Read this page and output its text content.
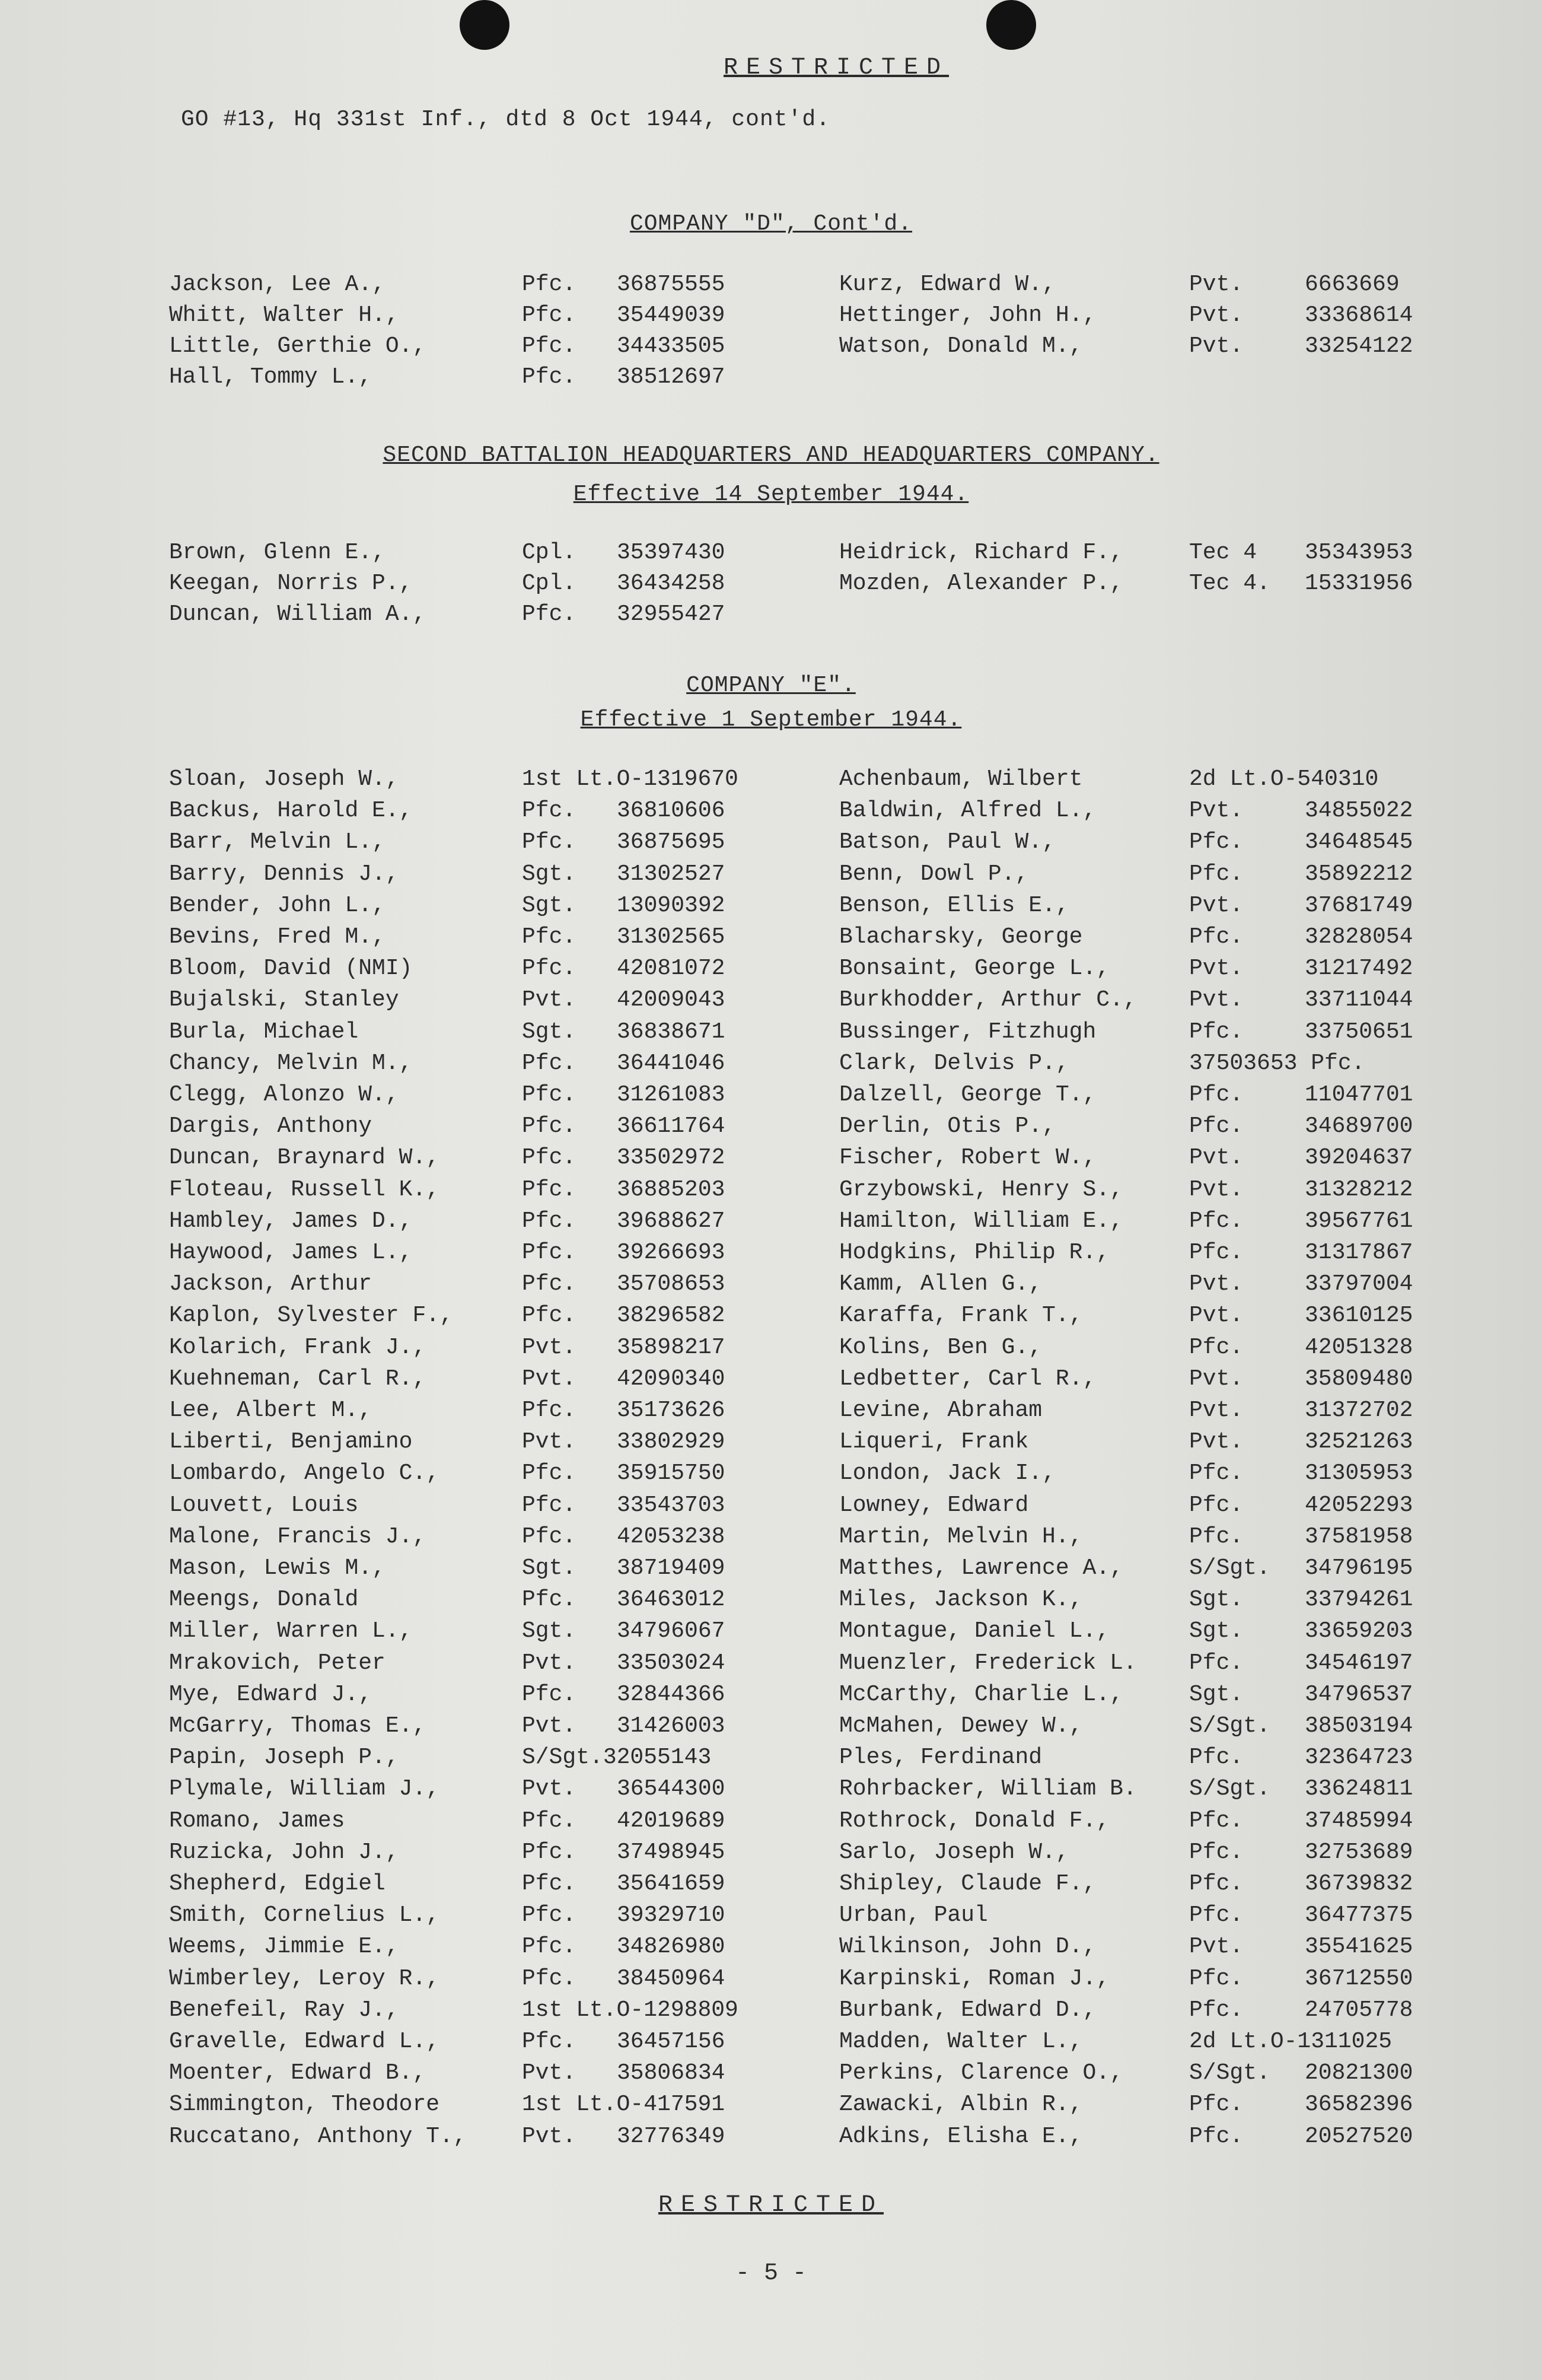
RESTRICTED
GO #13, Hq 331st Inf., dtd 8 Oct 1944, cont'd.
COMPANY "D", Cont'd.
Jackson, Lee A.,	Pfc. 36875555	Kurz, Edward W.,	Pvt.	6663669
Whitt, Walter H.,	Pfc. 35449039	Hettinger, John H.,	Pvt.	33368614
Little, Gerthie O.,	Pfc. 34433505	Watson, Donald M.,	Pvt.	33254122
Hall, Tommy L.,	Pfc. 38512697
SECOND BATTALION HEADQUARTERS AND HEADQUARTERS COMPANY.
Effective 14 September 1944.
Brown, Glenn E.,	Cpl. 35397430	Heidrick, Richard F.,	Tec 4 35343953
Keegan, Norris P.,	Cpl. 36434258	Mozden, Alexander P.,	Tec 4. 15331956
Duncan, William A.,	Pfc. 32955427
COMPANY "E".
Effective 1 September 1944.
Sloan, Joseph W.,	1st Lt.O-1319670	Achenbaum, Wilbert	2d Lt.O-540310
Backus, Harold E.,	Pfc. 36810606	Baldwin, Alfred L.,	Pvt.	34855022
Barr, Melvin L.,	Pfc. 36875695	Batson, Paul W.,	Pfc.	34648545
Barry, Dennis J.,	Sgt. 31302527	Benn, Dowl P.,	Pfc.	35892212
Bender, John L.,	Sgt. 13090392	Benson, Ellis E.,	Pvt.	37681749
Bevins, Fred M.,	Pfc. 31302565	Blacharsky, George	Pfc.	32828054
Bloom, David (NMI)	Pfc. 42081072	Bonsaint, George L.,	Pvt.	31217492
Bujalski, Stanley	Pvt. 42009043	Burkhodder, Arthur C., Pvt.	33711044
Burla, Michael	Sgt. 36838671	Bussinger, Fitzhugh	Pfc.	33750651
Chancy, Melvin M.,	Pfc. 36441046	Clark, Delvis P.,	37503653 Pfc.
Clegg, Alonzo W.,	Pfc. 31261083	Dalzell, George T.,	Pfc.	11047701
Dargis, Anthony	Pfc. 36611764	Derlin, Otis P.,	Pfc.	34689700
Duncan, Braynard W.,	Pfc. 33502972	Fischer, Robert W.,	Pvt.	39204637
Floteau, Russell K.,	Pfc. 36885203	Grzybowski, Henry S.,	Pvt.	31328212
Hambley, James D.,	Pfc. 39688627	Hamilton, William E.,	Pfc.	39567761
Haywood, James L.,	Pfc. 39266693	Hodgkins, Philip R.,	Pfc.	31317867
Jackson, Arthur	Pfc. 35708653	Kamm, Allen G.,	Pvt.	33797004
Kaplon, Sylvester F.,	Pfc. 38296582	Karaffa, Frank T.,	Pvt.	33610125
Kolarich, Frank J.,	Pvt. 35898217	Kolins, Ben G.,	Pfc.	42051328
Kuehneman, Carl R.,	Pvt. 42090340	Ledbetter, Carl R.,	Pvt.	35809480
Lee, Albert M.,	Pfc. 35173626	Levine, Abraham	Pvt.	31372702
Liberti, Benjamino	Pvt. 33802929	Liqueri, Frank	Pvt.	32521263
Lombardo, Angelo C.,	Pfc. 35915750	London, Jack I.,	Pfc.	31305953
Louvett, Louis	Pfc. 33543703	Lowney, Edward	Pfc.	42052293
Malone, Francis J.,	Pfc. 42053238	Martin, Melvin H.,	Pfc.	37581958
Mason, Lewis M.,	Sgt. 38719409	Matthes, Lawrence A.,	S/Sgt. 34796195
Meengs, Donald	Pfc. 36463012	Miles, Jackson K.,	Sgt.	33794261
Miller, Warren L.,	Sgt. 34796067	Montague, Daniel L.,	Sgt.	33659203
Mrakovich, Peter	Pvt. 33503024	Muenzler, Frederick L. Pfc.	34546197
Mye, Edward J.,	Pfc. 32844366	McCarthy, Charlie L.,	Sgt.	34796537
McGarry, Thomas E.,	Pvt. 31426003	McMahen, Dewey W.,	S/Sgt. 38503194
Papin, Joseph P.,	S/Sgt.32055143	Ples, Ferdinand	Pfc.	32364723
Plymale, William J.,	Pvt. 36544300	Rohrbacker, William B. S/Sgt. 33624811
Romano, James	Pfc. 42019689	Rothrock, Donald F.,	Pfc.	37485994
Ruzicka, John J.,	Pfc. 37498945	Sarlo, Joseph W.,	Pfc.	32753689
Shepherd, Edgiel	Pfc. 35641659	Shipley, Claude F.,	Pfc.	36739832
Smith, Cornelius L.,	Pfc. 39329710	Urban, Paul	Pfc.	36477375
Weems, Jimmie E.,	Pfc. 34826980	Wilkinson, John D.,	Pvt.	35541625
Wimberley, Leroy R.,	Pfc. 38450964	Karpinski, Roman J.,	Pfc.	36712550
Benefeil, Ray J.,	1st Lt.O-1298809	Burbank, Edward D.,	Pfc.	24705778
Gravelle, Edward L.,	Pfc. 36457156	Madden, Walter L.,	2d Lt.O-1311025
Moenter, Edward B.,	Pvt. 35806834	Perkins, Clarence O.,	S/Sgt. 20821300
Simmington, Theodore	1st Lt.O-417591	Zawacki, Albin R.,	Pfc.	36582396
Ruccatano, Anthony T., Pvt. 32776349	Adkins, Elisha E.,	Pfc.	20527520
RESTRICTED
- 5 -
